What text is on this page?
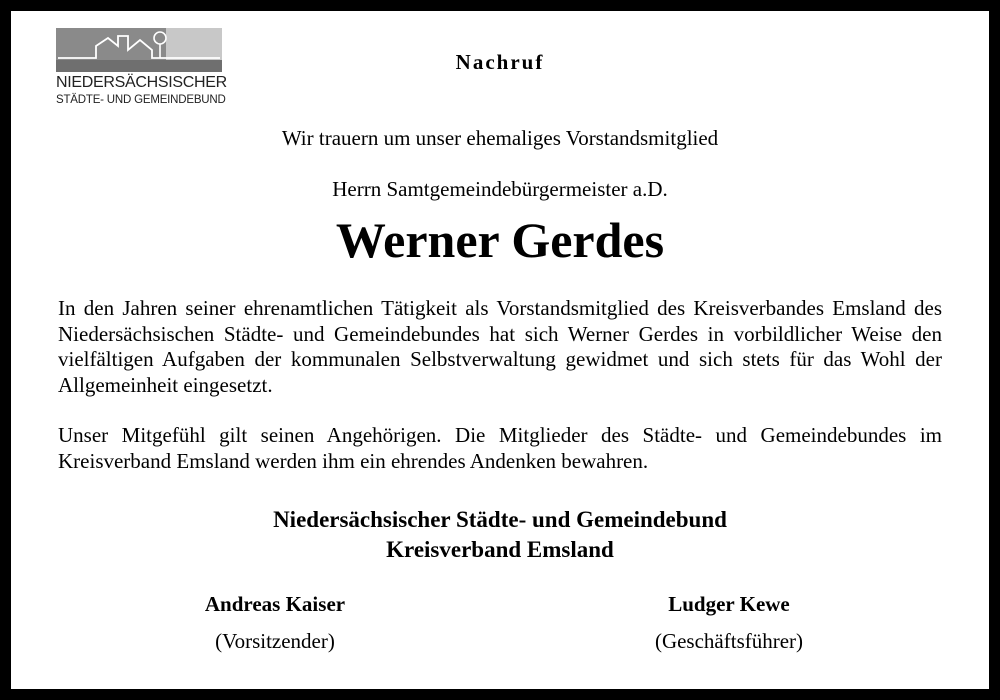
NIEDERSÄCHSISCHER
STÄDTE- UND GEMEINDEBUND
Nachruf
Wir trauern um unser ehemaliges Vorstandsmitglied
Herrn Samtgemeindebürgermeister a.D.
Werner Gerdes
In den Jahren seiner ehrenamtlichen Tätigkeit als Vorstandsmitglied des Kreisverbandes Emsland des Niedersächsischen Städte- und Gemeindebundes hat sich Werner Gerdes in vorbildlicher Weise den vielfältigen Aufgaben der kommunalen Selbstverwaltung gewidmet und sich stets für das Wohl der Allgemeinheit eingesetzt.
Unser Mitgefühl gilt seinen Angehörigen. Die Mitglieder des Städte- und Gemeindebundes im Kreisverband Emsland werden ihm ein ehrendes Andenken bewahren.
Niedersächsischer Städte- und Gemeindebund
Kreisverband Emsland
Andreas Kaiser
(Vorsitzender)
Ludger Kewe
(Geschäftsführer)
